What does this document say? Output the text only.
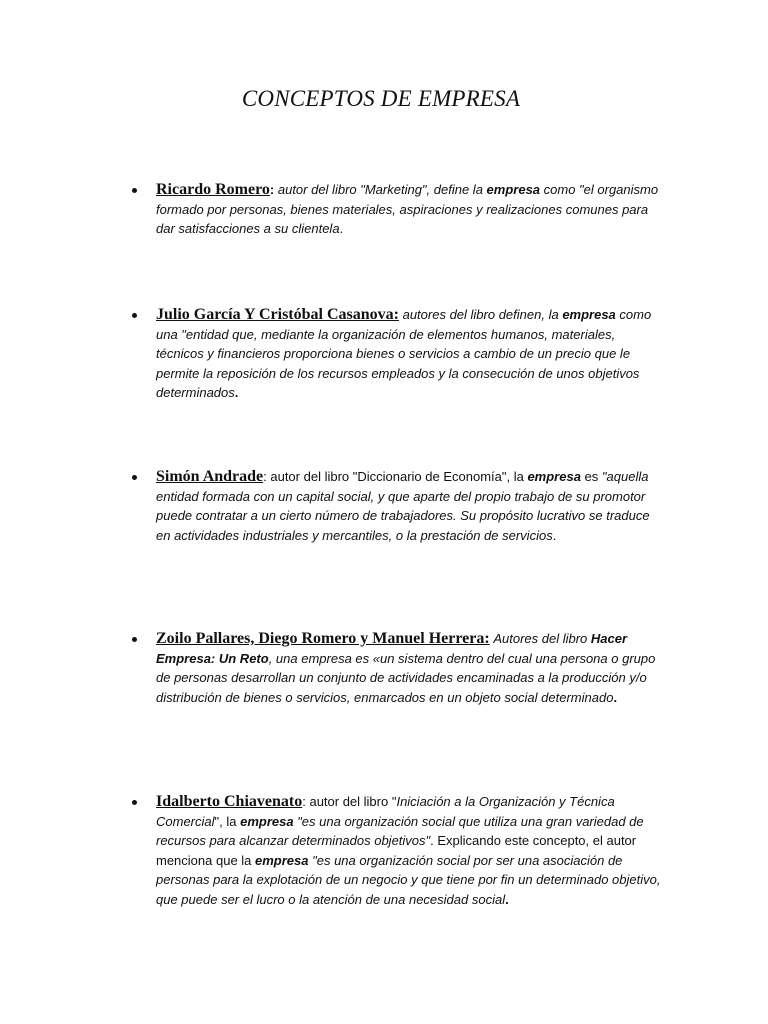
CONCEPTOS DE EMPRESA
Ricardo Romero: autor del libro "Marketing", define la empresa como "el organismo formado por personas, bienes materiales, aspiraciones y realizaciones comunes para dar satisfacciones a su clientela.
Julio García Y Cristóbal Casanova: autores del libro definen, la empresa como una "entidad que, mediante la organización de elementos humanos, materiales, técnicos y financieros proporciona bienes o servicios a cambio de un precio que le permite la reposición de los recursos empleados y la consecución de unos objetivos determinados.
Simón Andrade: autor del libro "Diccionario de Economía", la empresa es "aquella entidad formada con un capital social, y que aparte del propio trabajo de su promotor puede contratar a un cierto número de trabajadores. Su propósito lucrativo se traduce en actividades industriales y mercantiles, o la prestación de servicios.
Zoilo Pallares, Diego Romero y Manuel Herrera: Autores del libro Hacer Empresa: Un Reto, una empresa es «un sistema dentro del cual una persona o grupo de personas desarrollan un conjunto de actividades encaminadas a la producción y/o distribución de bienes o servicios, enmarcados en un objeto social determinado.
Idalberto Chiavenato: autor del libro "Iniciación a la Organización y Técnica Comercial", la empresa "es una organización social que utiliza una gran variedad de recursos para alcanzar determinados objetivos". Explicando este concepto, el autor menciona que la empresa "es una organización social por ser una asociación de personas para la explotación de un negocio y que tiene por fin un determinado objetivo, que puede ser el lucro o la atención de una necesidad social.
